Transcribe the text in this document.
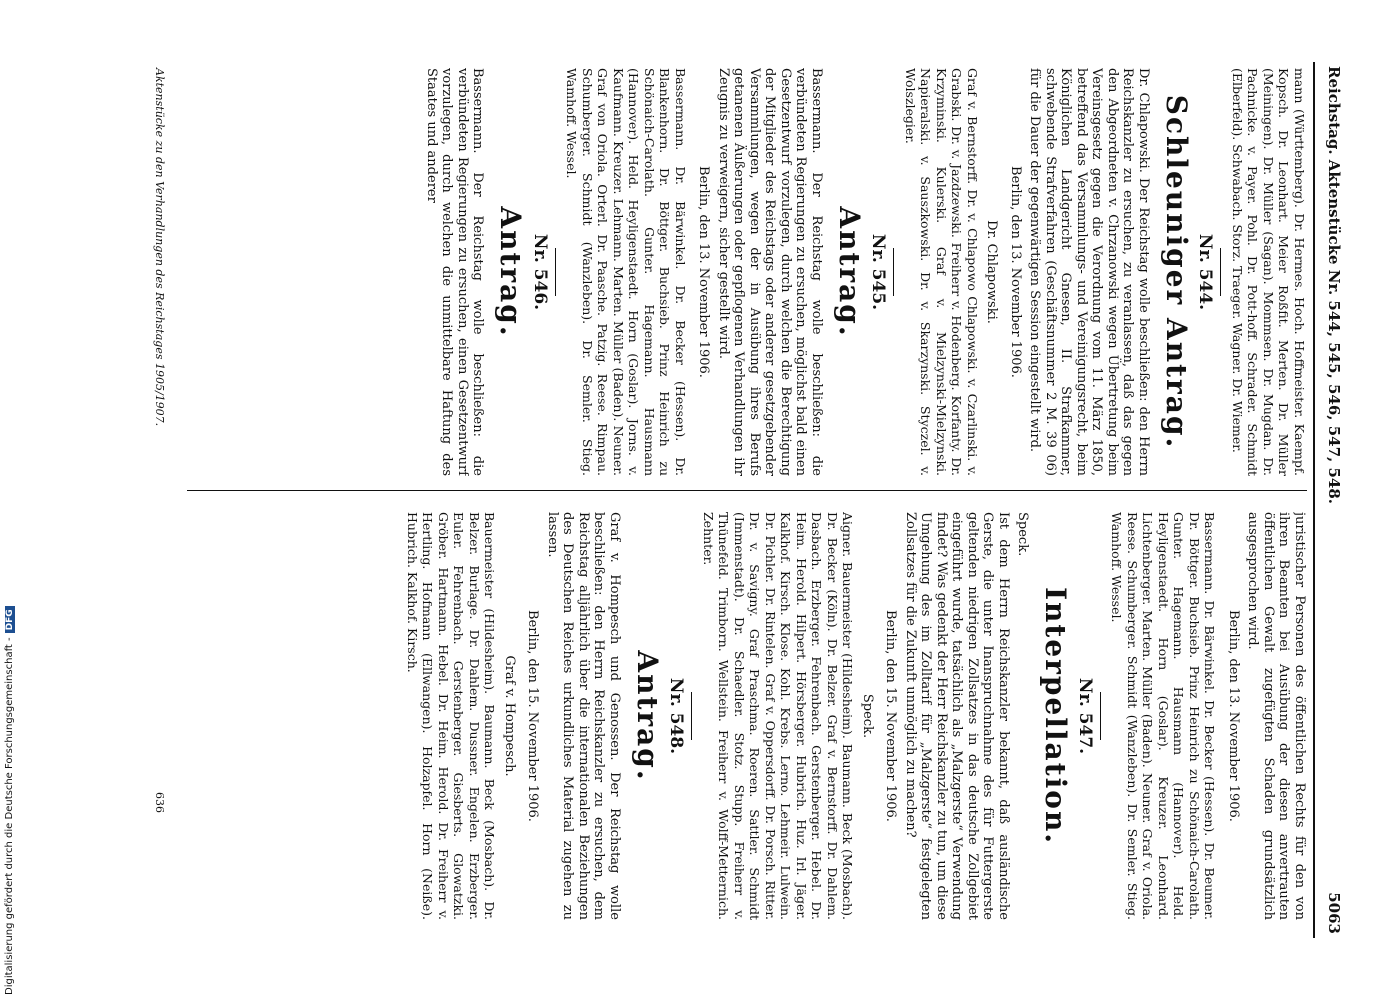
Reichstag. Aktenstücke Nr. 544, 545, 546, 547, 548.
5063

mann (Württemberg). Dr. Hermes. Hoch. Hoffmeister. Kaempf. Kopsch. Dr. Leonhart. Meier Roßfit. Merten. Dr. Müller (Meiningen). Dr. Müller (Sagan). Mommsen. Dr. Mugdan. Dr. Pachnicke. v. Payer. Pohl. Dr. Pott-hoff. Schrader. Schmidt (Elberfeld). Schwabach. Storz. Traeger. Wagner. Dr. Wiemer.

Nr. 544.
Schleuniger Antrag.

Dr. Chlapowski. Der Reichstag wolle beschließen: den Herrn Reichskanzler zu ersuchen, zu veranlassen, daß das gegen den Abgeordneten v. Chrzanowski wegen Übertretung beim Vereinsgesetz gegen die Verordnung vom 11. März 1850, betreffend das Versammlungs- und Vereinigungsrecht, beim Königlichen Landgericht Gnesen, II. Strafkammer, schwebende Strafverfahren (Geschäftsnummer 2 M. 39 06) für die Dauer der gegenwärtigen Session eingestellt wird.

Berlin, den 13. November 1906.

Dr. Chlapowski.

Graf v. Bernstorff. Dr. v. Chlapowo Chlapowski. v. Czarlinski. v. Grabski. Dr. v. Jazdzewski. Freiherr v. Hodenberg. Korfanty. Dr. Krzyminski. Kulerski. Graf v. Mielzynski-Mielzynski. Napieralski. v. Sauszkowski. Dr. v. Skarzynski. Styczel. v. Wolszlegier.

Nr. 545.
Antrag.

Bassermann. Der Reichstag wolle beschließen: die verbündeten Regierungen zu ersuchen, möglichst bald einen Gesetzentwurf vorzulegen, durch welchen die Berechtigung der Mitglieder des Reichstags oder anderer gesetzgebender Versammlungen, wegen der in Ausübung ihres Berufs getanenen Äußerungen oder gepflogenen Verhandlungen ihr Zeugnis zu verweigern, sicher gestellt wird.

Berlin, den 13. November 1906.

Bassermann. Dr. Bärwinkel. Dr. Becker (Hessen). Dr. Blankenhorn. Dr. Böttger. Buchsieb. Prinz Heinrich zu Schönaich-Carolath. Gunter. Hagemann. Hausmann (Hannover). Held. Heyligenstaedt. Horn (Goslar). Jorns. v. Kaufmann. Kreuzer. Lehmann. Marten. Müller (Baden). Neuner. Graf von Oriola. Orterl. Dr. Paasche. Patzig. Reese. Rimpau. Schumberger. Schmidt (Wanzleben). Dr. Semler. Stieg. Wamhoff. Wessel.

Nr. 546.
Antrag.

Bassermann. Der Reichstag wolle beschließen: die verbündeten Regierungen zu ersuchen, einen Gesetzentwurf vorzulegen, durch welchen die unmittelbare Haftung des Staates und anderer

juristischer Personen des öffentlichen Rechts für den von ihren Beamten bei Ausübung der diesen anvertrauten öffentlichen Gewalt zugefügten Schaden grundsätzlich ausgesprochen wird.

Berlin, den 13. November 1906.

Bassermann. Dr. Bärwinkel. Dr. Becker (Hessen). Dr. Beumer. Dr. Böttger. Buchsieb. Prinz Heinrich zu Schönaich-Carolath. Gunter. Hagemann. Hausmann (Hannover). Held. Heyligenstaedt. Horn (Goslar). Kreuzer. Leonhard. Lichtenberger. Marten. Müller (Baden). Neuner. Graf v. Oriola. Reese. Schumberger. Schmidt (Wanzleben). Dr. Semler. Stieg. Wamhoff. Wessel.

Nr. 547.
Interpellation.

Speck.

Ist dem Herrn Reichskanzler bekannt, daß ausländische Gerste, die unter Inanspruchnahme des für Futtergerste geltenden niedrigen Zollsatzes in das deutsche Zollgebiet eingeführt wurde, tatsächlich als „Malzgerste“ Verwendung findet? Was gedenkt der Herr Reichskanzler zu tun, um diese Umgehung des im Zolltarif für „Malzgerste“ festgelegten Zollsatzes für die Zukunft unmöglich zu machen?

Berlin, den 15. November 1906.

Speck.

Aigner. Bauermeister (Hildesheim). Baumann. Beck (Mosbach). Dr. Becker (Köln). Dr. Belzer. Graf v. Bernstorff. Dr. Dahlem. Dasbach. Erzberger. Fehrenbach. Gerstenberger. Hebel. Dr. Heim. Herold. Hilpert. Hörsberger. Hubrich. Huz. Irl. Jäger. Kalkhof. Kirsch. Klose. Kohl. Krebs. Lerno. Lehmeir. Lulwein. Dr. Pichler. Dr. Rintelen. Graf v. Oppersdorff. Dr. Porsch. Ritter. Dr. v. Savigny. Graf Praschma. Roeren. Sattler. Schmidt (Immenstadt). Dr. Schaedler. Stotz. Stupp. Freiherr v. Thünefeld. Trimborn. Wellstein. Freiherr v. Wolff-Metternich. Zehnter.

Nr. 548.
Antrag.

Graf v. Hompesch und Genossen. Der Reichstag wolle beschließen: den Herrn Reichskanzler zu ersuchen, dem Reichstag alljährlich über die internationalen Beziehungen des Deutschen Reiches urkundliches Material zugehen zu lassen.

Berlin, den 15. November 1906.

Graf v. Hompesch.

Bauermeister (Hildesheim). Baumann. Beck (Mosbach). Dr. Belzer. Burlage. Dr. Dahlem. Dussner. Engelen. Erzberger. Euler. Fehrenbach. Gerstenberger. Giesberts. Glowatzki. Gröber. Hartmann. Hebel. Dr. Heim. Herold. Dr. Freiherr v. Hertling. Hofmann (Ellwangen). Holzapfel. Horn (Neiße). Hubrich. Kalkhof. Kirsch.

Aktenstücke zu den Verhandlungen des Reichstages 1905/1907.
636
Digitalisierung gefördert durch die Deutsche Forschungsgemeinschaft -DFG
